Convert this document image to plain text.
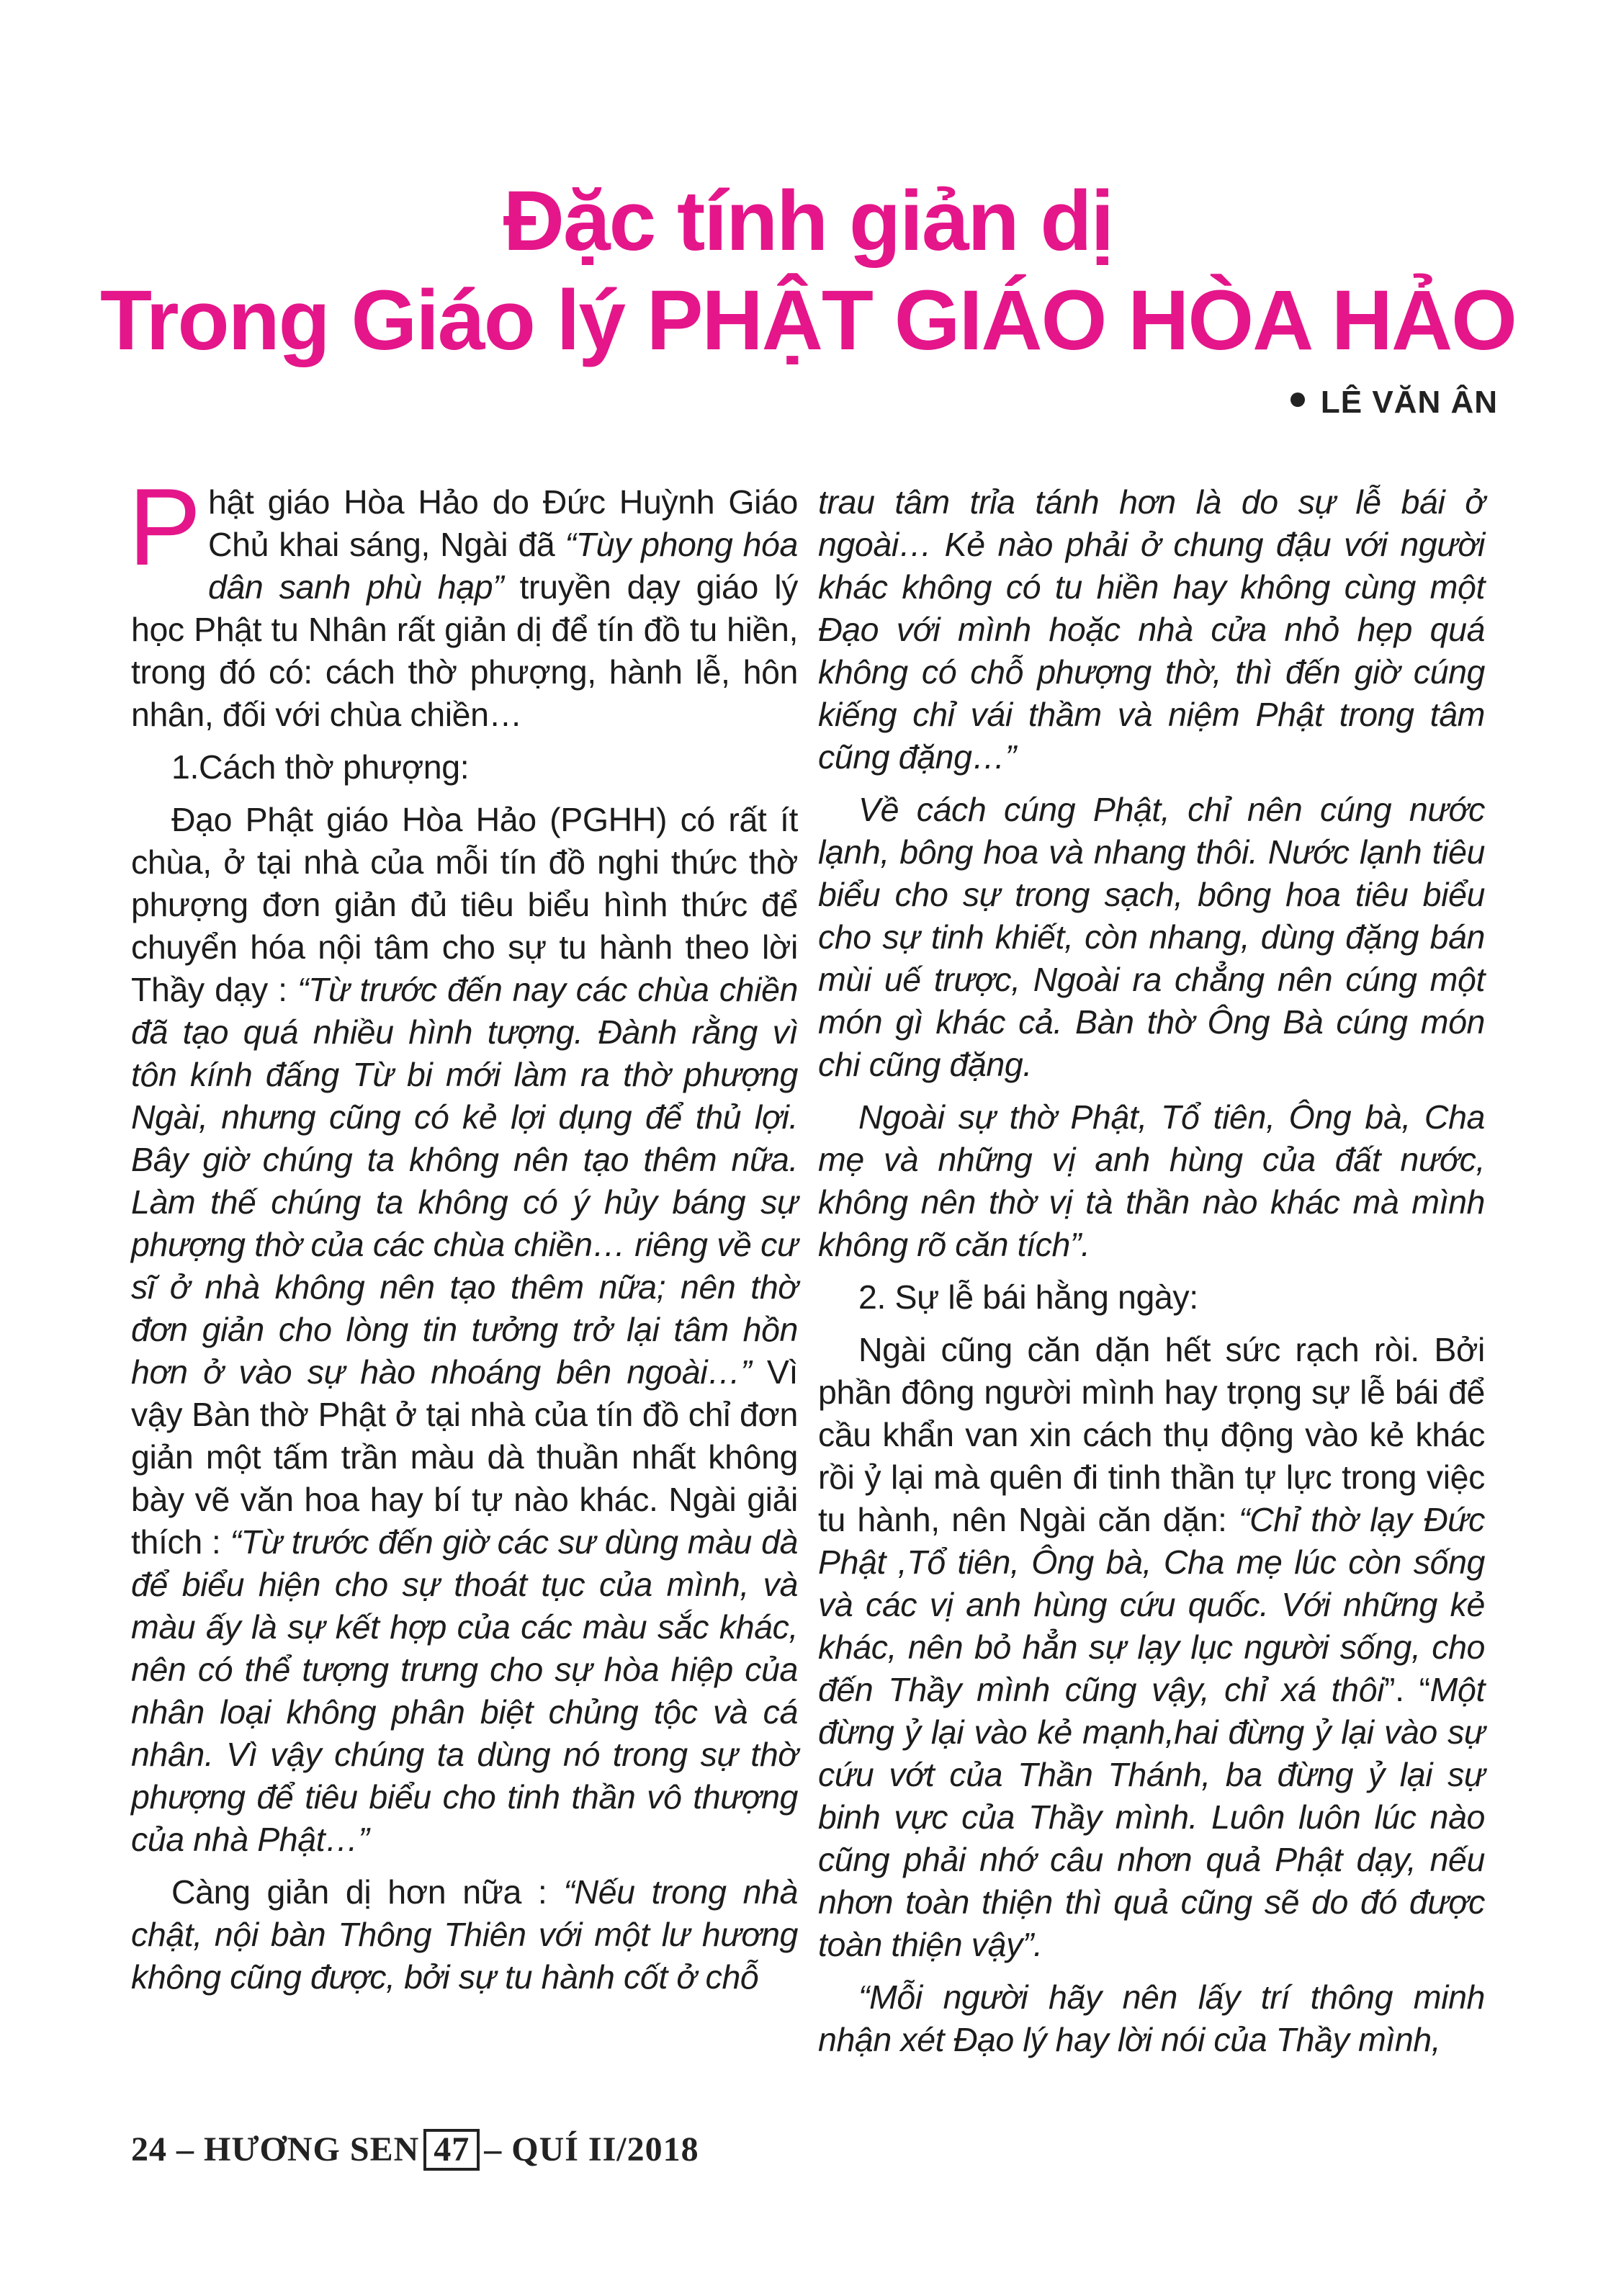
Đặc tính giản dị
Trong Giáo lý PHẬT GIÁO HÒA HẢO
LÊ VĂN ÂN

Phật giáo Hòa Hảo do Đức Huỳnh Giáo Chủ khai sáng, Ngài đã “Tùy phong hóa dân sanh phù hạp” truyền dạy giáo lý học Phật tu Nhân rất giản dị để tín đồ tu hiền, trong đó có: cách thờ phượng, hành lễ, hôn nhân, đối với chùa chiền…

1.Cách thờ phượng:

Đạo Phật giáo Hòa Hảo (PGHH) có rất ít chùa, ở tại nhà của mỗi tín đồ nghi thức thờ phượng đơn giản đủ tiêu biểu hình thức để chuyển hóa nội tâm cho sự tu hành theo lời Thầy dạy : “Từ trước đến nay các chùa chiền đã tạo quá nhiều hình tượng. Đành rằng vì tôn kính đấng Từ bi mới làm ra thờ phượng Ngài, nhưng cũng có kẻ lợi dụng để thủ lợi. Bây giờ chúng ta không nên tạo thêm nữa. Làm thế chúng ta không có ý hủy báng sự phượng thờ của các chùa chiền… riêng về cư sĩ ở nhà không nên tạo thêm nữa; nên thờ đơn giản cho lòng tin tưởng trở lại tâm hồn hơn ở vào sự hào nhoáng bên ngoài…” Vì vậy Bàn thờ Phật ở tại nhà của tín đồ chỉ đơn giản một tấm trần màu dà thuần nhất không bày vẽ văn hoa hay bí tự nào khác. Ngài giải thích : “Từ trước đến giờ các sư dùng màu dà để biểu hiện cho sự thoát tục của mình, và màu ấy là sự kết hợp của các màu sắc khác, nên có thể tượng trưng cho sự hòa hiệp của nhân loại không phân biệt chủng tộc và cá nhân. Vì vậy chúng ta dùng nó trong sự thờ phượng để tiêu biểu cho tinh thần vô thượng của nhà Phật…”

Càng giản dị hơn nữa : “Nếu trong nhà chật, nội bàn Thông Thiên với một lư hương không cũng được, bởi sự tu hành cốt ở chỗ

trau tâm trỉa tánh hơn là do sự lễ bái ở ngoài… Kẻ nào phải ở chung đậu với người khác không có tu hiền hay không cùng một Đạo với mình hoặc nhà cửa nhỏ hẹp quá không có chỗ phượng thờ, thì đến giờ cúng kiếng chỉ vái thầm và niệm Phật trong tâm cũng đặng…”

Về cách cúng Phật, chỉ nên cúng nước lạnh, bông hoa và nhang thôi. Nước lạnh tiêu biểu cho sự trong sạch, bông hoa tiêu biểu cho sự tinh khiết, còn nhang, dùng đặng bán mùi uế trược, Ngoài ra chẳng nên cúng một món gì khác cả. Bàn thờ Ông Bà cúng món chi cũng đặng.

Ngoài sự thờ Phật, Tổ tiên, Ông bà, Cha mẹ và những vị anh hùng của đất nước, không nên thờ vị tà thần nào khác mà mình không rõ căn tích”.

2. Sự lễ bái hằng ngày:

Ngài cũng căn dặn hết sức rạch ròi. Bởi phần đông người mình hay trọng sự lễ bái để cầu khẩn van xin cách thụ động vào kẻ khác rồi ỷ lại mà quên đi tinh thần tự lực trong việc tu hành, nên Ngài căn dặn: “Chỉ thờ lạy Đức Phật ,Tổ tiên, Ông bà, Cha mẹ lúc còn sống và các vị anh hùng cứu quốc. Với những kẻ khác, nên bỏ hẳn sự lạy lục người sống, cho đến Thầy mình cũng vậy, chỉ xá thôi”. “Một đừng ỷ lại vào kẻ mạnh,hai đừng ỷ lại vào sự cứu vớt của Thần Thánh, ba đừng ỷ lại sự binh vực của Thầy mình. Luôn luôn lúc nào cũng phải nhớ câu nhơn quả Phật dạy, nếu nhơn toàn thiện thì quả cũng sẽ do đó được toàn thiện vậy”.

“Mỗi người hãy nên lấy trí thông minh nhận xét Đạo lý hay lời nói của Thầy mình,

24 – HƯƠNG SEN 47 – QUÍ II/2018
